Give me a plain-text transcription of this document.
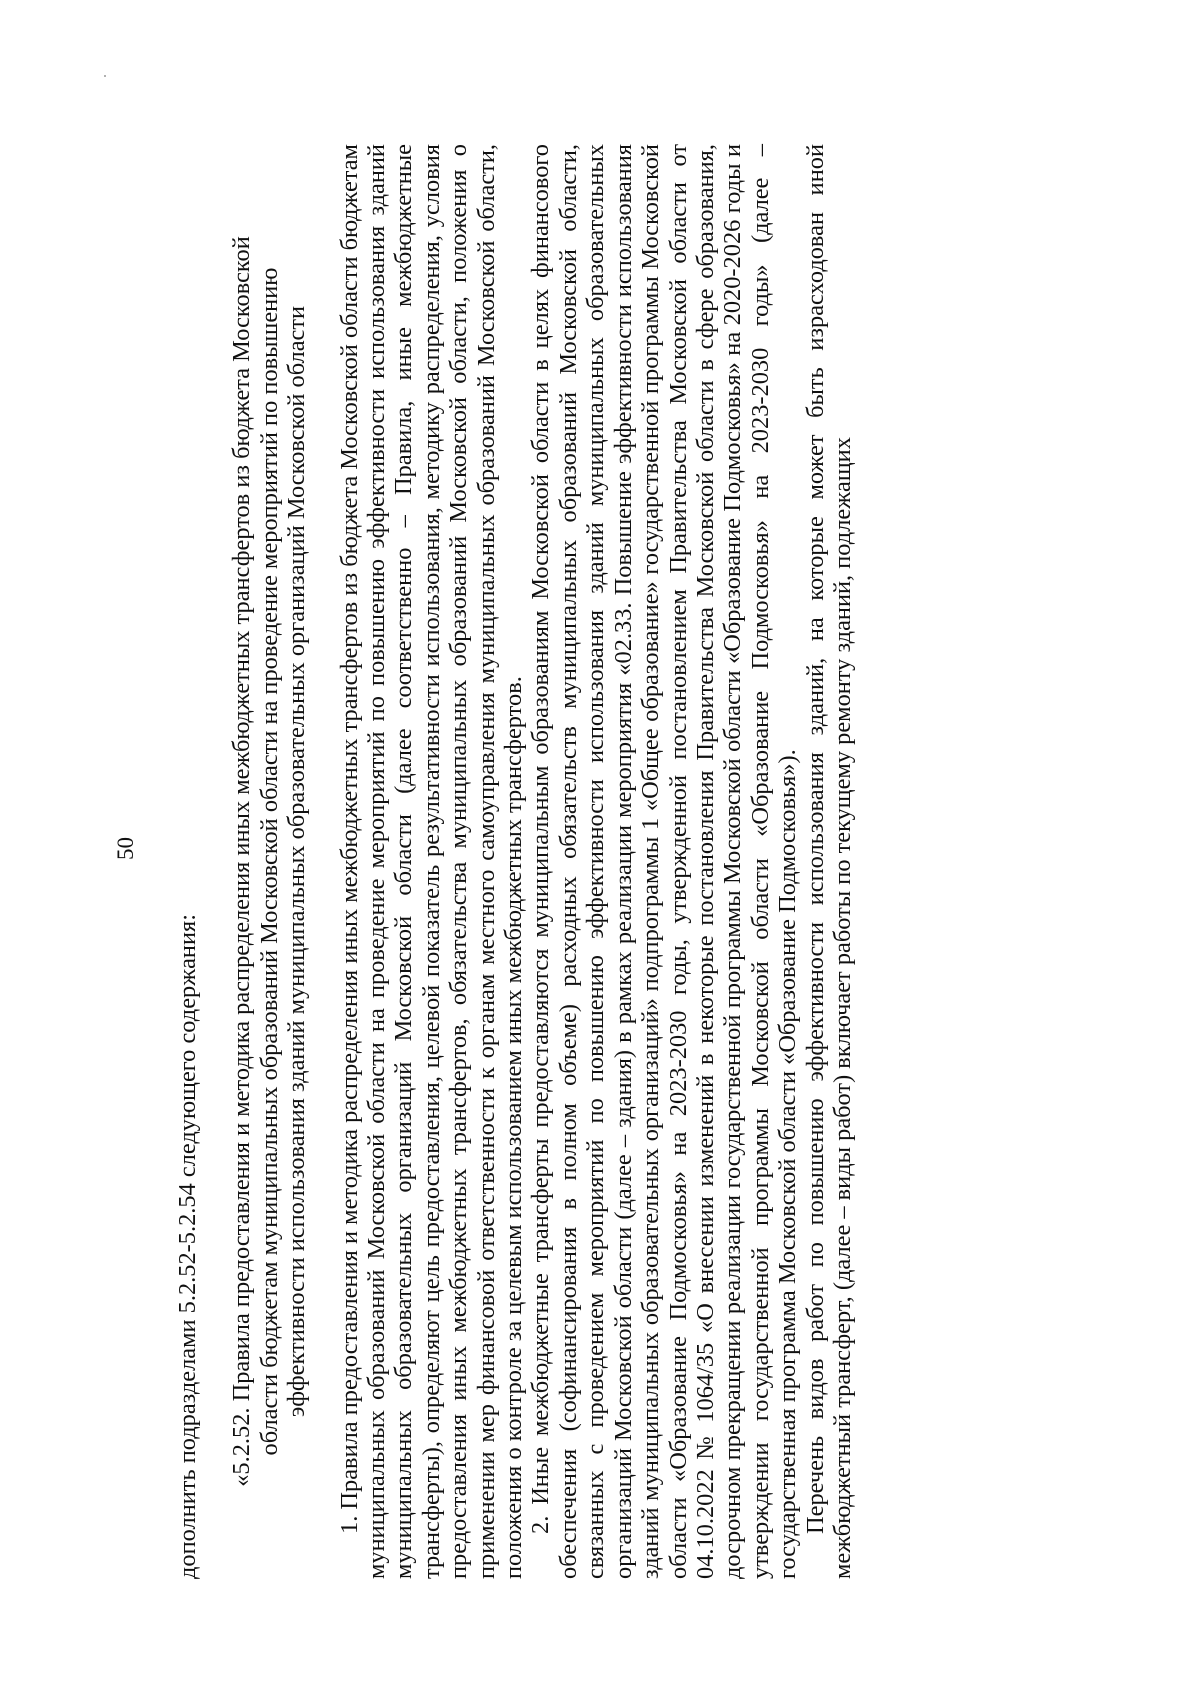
50

дополнить подразделами 5.2.52-5.2.54 следующего содержания: «5.2.52. Правила предоставления и методика распределения иных межбюджетных трансфертов из бюджета Московской области бюджетам муниципальных образований Московской области на проведение мероприятий по повышению эффективности использования зданий муниципальных образовательных организаций Московской области 1. Правила предоставления и методика распределения иных межбюджетных трансфертов из бюджета Московской области бюджетам муниципальных образований Московской области на проведение мероприятий по повышению эффективности использования зданий муниципальных образовательных организаций Московской области (далее соответственно – Правила, иные межбюджетные трансферты), определяют цель предоставления, целевой показатель результативности использования, методику распределения, условия предоставления иных межбюджетных трансфертов, обязательства муниципальных образований Московской области, положения о применении мер финансовой ответственности к органам местного самоуправления муниципальных образований Московской области, положения о контроле за целевым использованием иных межбюджетных трансфертов. 2. Иные межбюджетные трансферты предоставляются муниципальным образованиям Московской области в целях финансового обеспечения (софинансирования в полном объеме) расходных обязательств муниципальных образований Московской области, связанных с проведением мероприятий по повышению эффективности использования зданий муниципальных образовательных организаций Московской области (далее – здания) в рамках реализации мероприятия «02.33. Повышение эффективности использования зданий муниципальных образовательных организаций» подпрограммы 1 «Общее образование» государственной программы Московской области «Образование Подмосковья» на 2023-2030 годы, утвержденной постановлением Правительства Московской области от 04.10.2022 № 1064/35 «О внесении изменений в некоторые постановления Правительства Московской области в сфере образования, досрочном прекращении реализации государственной программы Московской области «Образование Подмосковья» на 2020-2026 годы и утверждении государственной программы Московской области «Образование Подмосковья» на 2023-2030 годы» (далее – государственная программа Московской области «Образование Подмосковья»). Перечень видов работ по повышению эффективности использования зданий, на которые может быть израсходован иной межбюджетный трансферт, (далее – виды работ) включает работы по текущему ремонту зданий, подлежащих
